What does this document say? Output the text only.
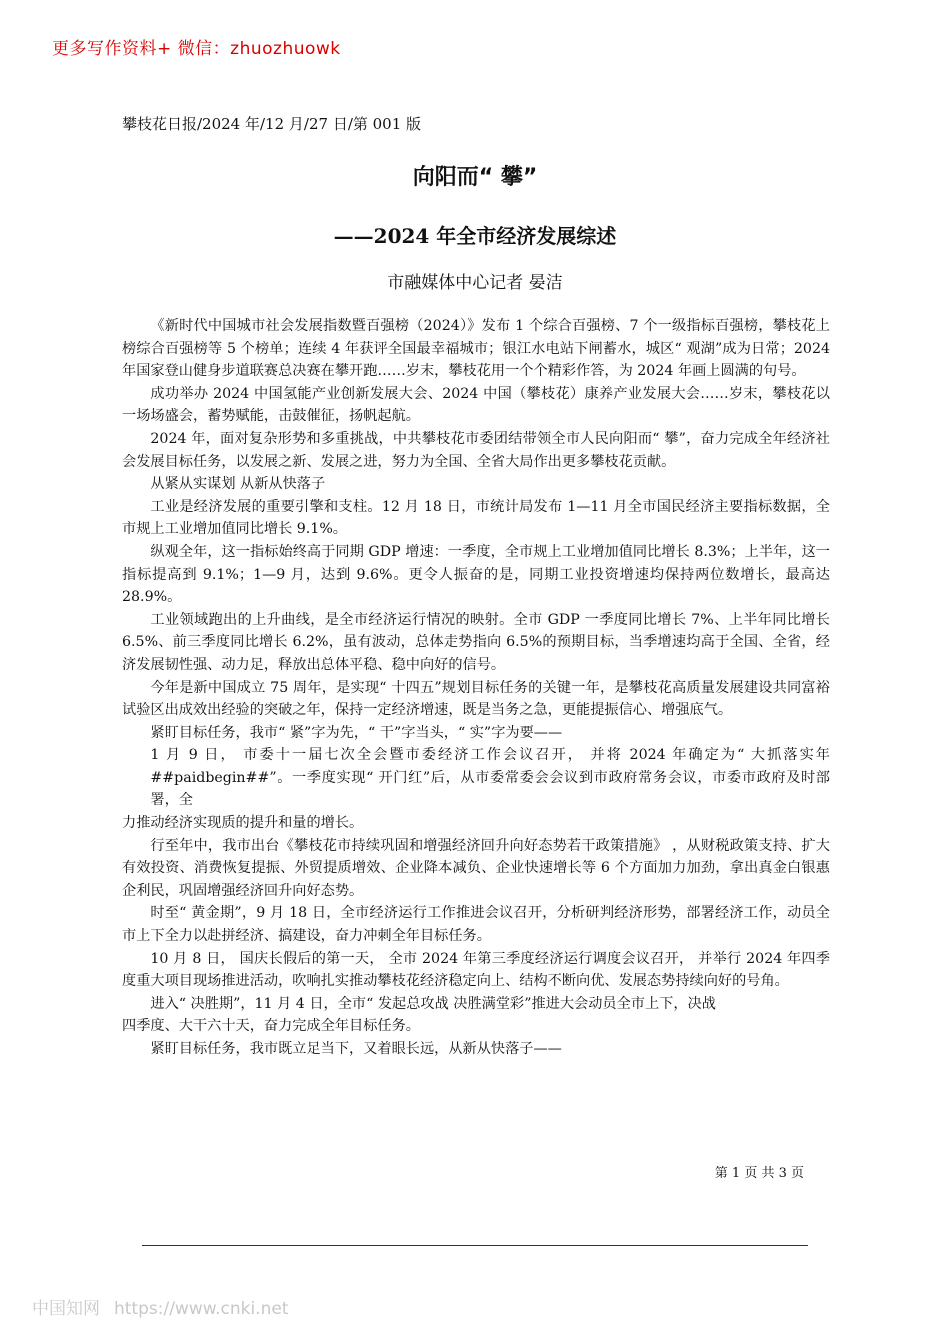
更多写作资料+ 微信：zhuozhuowk
攀枝花日报/2024 年/12 月/27 日/第 001 版
向阳而“ 攀”
——2024 年全市经济发展综述
市融媒体中心记者 晏洁

《新时代中国城市社会发展指数暨百强榜（2024）》发布 1 个综合百强榜、7 个一级指标百强榜，攀枝花上榜综合百强榜等 5 个榜单；连续 4 年获评全国最幸福城市；银江水电站下闸蓄水，城区“ 观湖”成为日常；2024 年国家登山健身步道联赛总决赛在攀开跑……岁末，攀枝花用一个个精彩作答，为 2024 年画上圆满的句号。

成功举办 2024 中国氢能产业创新发展大会、2024 中国（攀枝花）康养产业发展大会……岁末，攀枝花以一场场盛会，蓄势赋能，击鼓催征，扬帆起航。

2024 年，面对复杂形势和多重挑战，中共攀枝花市委团结带领全市人民向阳而“ 攀”，奋力完成全年经济社会发展目标任务，以发展之新、发展之进，努力为全国、全省大局作出更多攀枝花贡献。

从紧从实谋划 从新从快落子

工业是经济发展的重要引擎和支柱。12 月 18 日，市统计局发布 1—11 月全市国民经济主要指标数据，全市规上工业增加值同比增长 9.1%。

纵观全年，这一指标始终高于同期 GDP 增速：一季度，全市规上工业增加值同比增长 8.3%；上半年，这一指标提高到 9.1%；1—9 月，达到 9.6%。更令人振奋的是，同期工业投资增速均保持两位数增长，最高达 28.9%。

工业领域跑出的上升曲线，是全市经济运行情况的映射。全市 GDP 一季度同比增长 7%、上半年同比增长 6.5%、前三季度同比增长 6.2%，虽有波动，总体走势指向 6.5%的预期目标，当季增速均高于全国、全省，经济发展韧性强、动力足，释放出总体平稳、稳中向好的信号。

今年是新中国成立 75 周年，是实现“ 十四五”规划目标任务的关键一年，是攀枝花高质量发展建设共同富裕试验区出成效出经验的突破之年，保持一定经济增速，既是当务之急，更能提振信心、增强底气。

紧盯目标任务，我市“ 紧”字为先，“ 干”字当头，“ 实”字为要——

1 月 9 日， 市委十一届七次全会暨市委经济工作会议召开， 并将 2024 年确定为“ 大抓落实年##paidbegin##”。一季度实现“ 开门红”后，从市委常委会会议到市政府常务会议，市委市政府及时部署，全

力推动经济实现质的提升和量的增长。

行至年中，我市出台《攀枝花市持续巩固和增强经济回升向好态势若干政策措施》 ，从财税政策支持、扩大有效投资、消费恢复提振、外贸提质增效、企业降本减负、企业快速增长等 6 个方面加力加劲，拿出真金白银惠企利民，巩固增强经济回升向好态势。

时至“ 黄金期”，9 月 18 日，全市经济运行工作推进会议召开，分析研判经济形势，部署经济工作，动员全市上下全力以赴拼经济、搞建设，奋力冲刺全年目标任务。

10 月 8 日， 国庆长假后的第一天， 全市 2024 年第三季度经济运行调度会议召开， 并举行 2024 年四季度重大项目现场推进活动，吹响扎实推动攀枝花经济稳定向上、结构不断向优、发展态势持续向好的号角。

进入“ 决胜期”，11 月 4 日，全市“ 发起总攻战 决胜满堂彩”推进大会动员全市上下，决战

四季度、大干六十天，奋力完成全年目标任务。

紧盯目标任务，我市既立足当下，又着眼长远，从新从快落子——

第 1 页 共 3 页
中国知网 https://www.cnki.net
